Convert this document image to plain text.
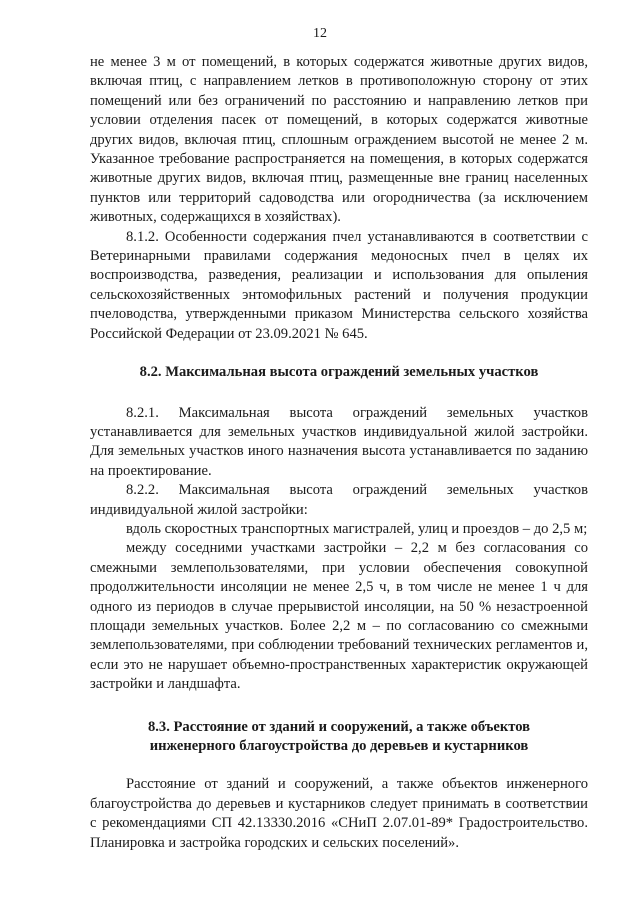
12

не менее 3 м от помещений, в которых содержатся животные других видов, включая птиц, с направлением летков в противоположную сторону от этих помещений или без ограничений по расстоянию и направлению летков при условии отделения пасек от помещений, в которых содержатся животные других видов, включая птиц, сплошным ограждением высотой не менее 2 м. Указанное требование распространяется на помещения, в которых содержатся животные других видов, включая птиц, размещенные вне границ населенных пунктов или территорий садоводства или огородничества (за исключением животных, содержащихся в хозяйствах).

8.1.2. Особенности содержания пчел устанавливаются в соответствии с Ветеринарными правилами содержания медоносных пчел в целях их воспроизводства, разведения, реализации и использования для опыления сельскохозяйственных энтомофильных растений и получения продукции пчеловодства, утвержденными приказом Министерства сельского хозяйства Российской Федерации от 23.09.2021 № 645.

8.2. Максимальная высота ограждений земельных участков

8.2.1. Максимальная высота ограждений земельных участков устанавливается для земельных участков индивидуальной жилой застройки. Для земельных участков иного назначения высота устанавливается по заданию на проектирование.

8.2.2. Максимальная высота ограждений земельных участков индивидуальной жилой застройки:

вдоль скоростных транспортных магистралей, улиц и проездов – до 2,5 м;

между соседними участками застройки – 2,2 м без согласования со смежными землепользователями, при условии обеспечения совокупной продолжительности инсоляции не менее 2,5 ч, в том числе не менее 1 ч для одного из периодов в случае прерывистой инсоляции, на 50 % незастроенной площади земельных участков. Более 2,2 м – по согласованию со смежными землепользователями, при соблюдении требований технических регламентов и, если это не нарушает объемно-пространственных характеристик окружающей застройки и ландшафта.

8.3. Расстояние от зданий и сооружений, а также объектов
инженерного благоустройства до деревьев и кустарников

Расстояние от зданий и сооружений, а также объектов инженерного благоустройства до деревьев и кустарников следует принимать в соответствии с рекомендациями СП 42.13330.2016 «СНиП 2.07.01-89* Градостроительство. Планировка и застройка городских и сельских поселений».
